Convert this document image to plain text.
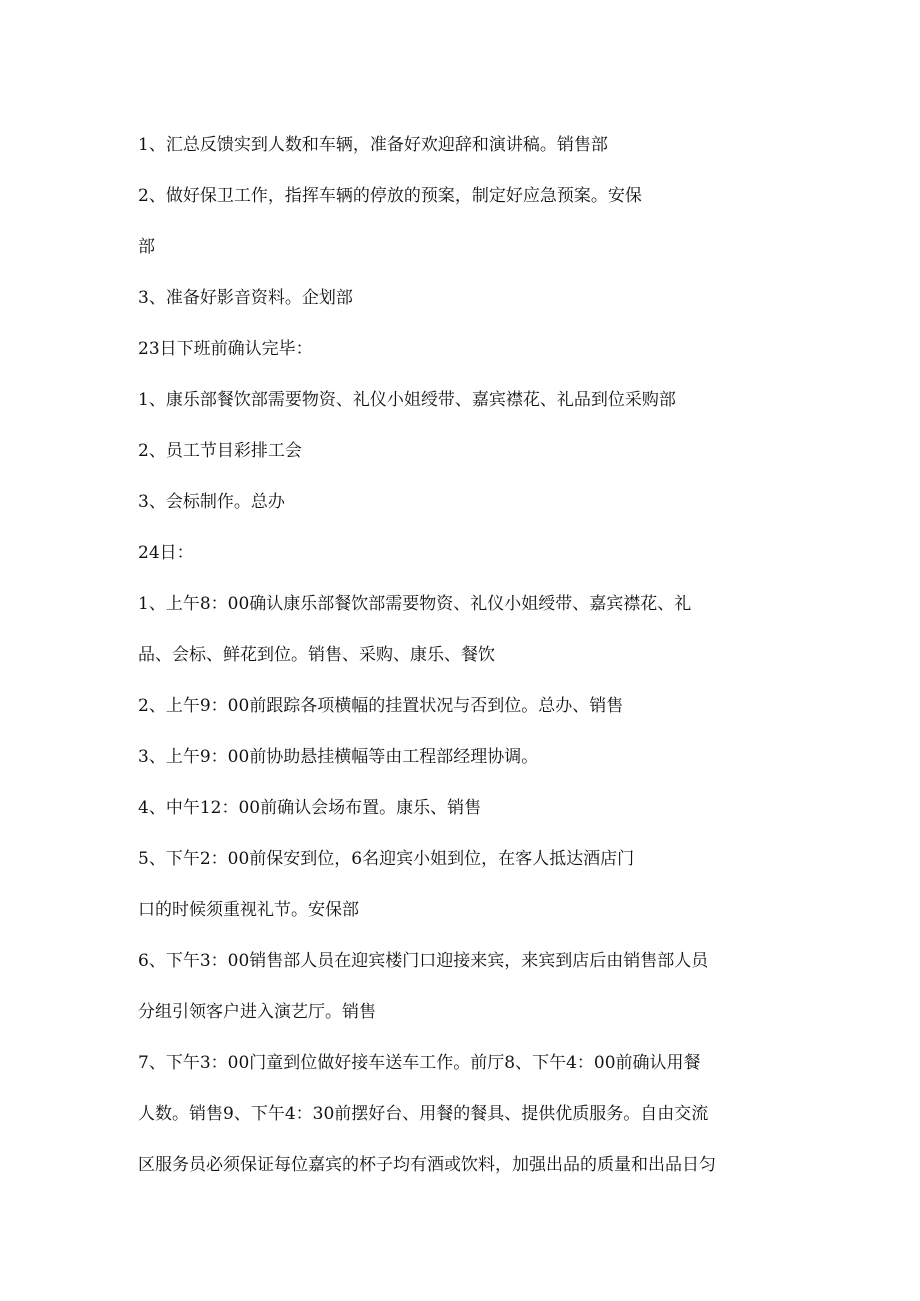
1、汇总反馈实到人数和车辆，准备好欢迎辞和演讲稿。销售部

2、做好保卫工作，指挥车辆的停放的预案，制定好应急预案。安保

部

3、准备好影音资料。企划部

23日下班前确认完毕：

1、康乐部餐饮部需要物资、礼仪小姐绶带、嘉宾襟花、礼品到位采购部

2、员工节目彩排工会

3、会标制作。总办

24日：

1、上午8：00确认康乐部餐饮部需要物资、礼仪小姐绶带、嘉宾襟花、礼

品、会标、鲜花到位。销售、采购、康乐、餐饮

2、上午9：00前跟踪各项横幅的挂置状况与否到位。总办、销售

3、上午9：00前协助悬挂横幅等由工程部经理协调。

4、中午12：00前确认会场布置。康乐、销售

5、下午2：00前保安到位，6名迎宾小姐到位，在客人抵达酒店门

口的时候须重视礼节。安保部

6、下午3：00销售部人员在迎宾楼门口迎接来宾，来宾到店后由销售部人员

分组引领客户进入演艺厅。销售

7、下午3：00门童到位做好接车送车工作。前厅8、下午4：00前确认用餐

人数。销售9、下午4：30前摆好台、用餐的餐具、提供优质服务。自由交流

区服务员必须保证每位嘉宾的杯子均有酒或饮料，加强出品的质量和出品日匀
